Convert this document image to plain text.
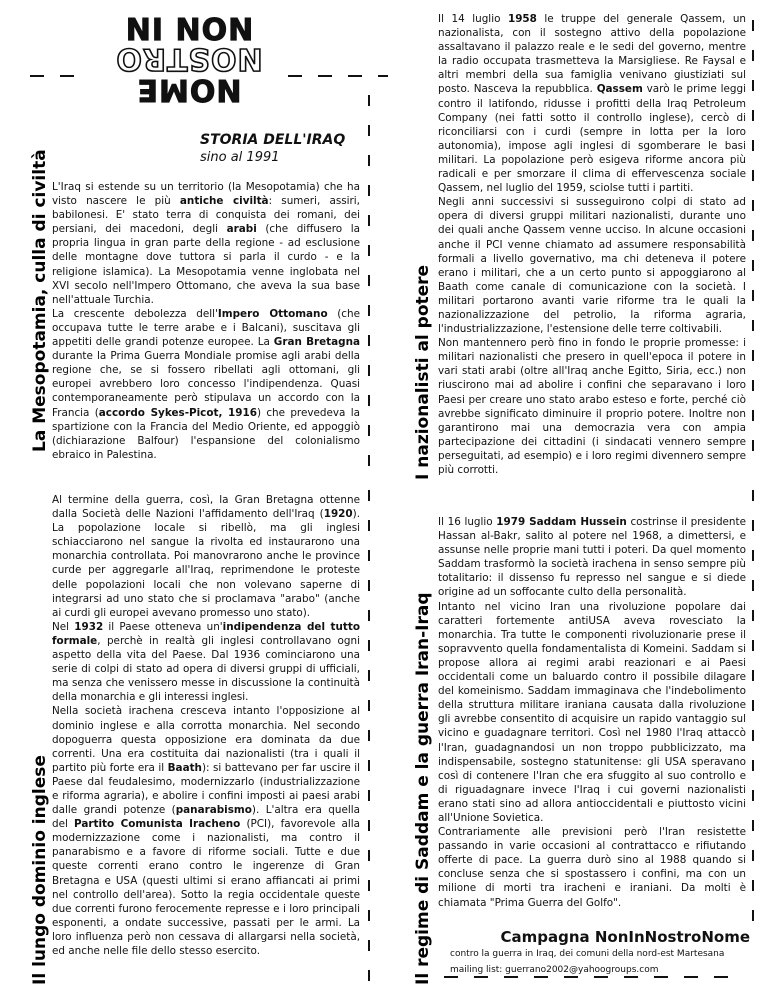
NON IN
NOSTRO
NOME
STORIA DELL'IRAQ
sino al 1991
La Mesopotamia, culla di civiltà
Il lungo dominio inglese
I nazionalisti al potere
Il regime di Saddam e la guerra Iran-Iraq

L'Iraq si estende su un territorio (la Mesopotamia) che ha visto nascere le più antiche civiltà: sumeri, assiri, babilonesi. E' stato terra di conquista dei romani, dei persiani, dei macedoni, degli arabi (che diffusero la propria lingua in gran parte della regione - ad esclusione delle montagne dove tuttora si parla il curdo - e la religione islamica). La Mesopotamia venne inglobata nel XVI secolo nell'Impero Ottomano, che aveva la sua base nell'attuale Turchia.

La crescente debolezza dell'Impero Ottomano (che occupava tutte le terre arabe e i Balcani), suscitava gli appetiti delle grandi potenze europee. La Gran Bretagna durante la Prima Guerra Mondiale promise agli arabi della regione che, se si fossero ribellati agli ottomani, gli europei avrebbero loro concesso l'indipendenza. Quasi contemporaneamente però stipulava un accordo con la Francia (accordo Sykes-Picot, 1916) che prevedeva la spartizione con la Francia del Medio Oriente, ed appoggiò (dichiarazione Balfour) l'espansione del colonialismo ebraico in Palestina.

Al termine della guerra, così, la Gran Bretagna ottenne dalla Società delle Nazioni l'affidamento dell'Iraq (1920). La popolazione locale si ribellò, ma gli inglesi schiacciarono nel sangue la rivolta ed instaurarono una monarchia controllata. Poi manovrarono anche le province curde per aggregarle all'Iraq, reprimendone le proteste delle popolazioni locali che non volevano saperne di integrarsi ad uno stato che si proclamava "arabo" (anche ai curdi gli europei avevano promesso uno stato).

Nel 1932 il Paese otteneva un'indipendenza del tutto formale, perchè in realtà gli inglesi controllavano ogni aspetto della vita del Paese. Dal 1936 cominciarono una serie di colpi di stato ad opera di diversi gruppi di ufficiali, ma senza che venissero messe in discussione la continuità della monarchia e gli interessi inglesi.

Nella società irachena cresceva intanto l'opposizione al dominio inglese e alla corrotta monarchia. Nel secondo dopoguerra questa opposizione era dominata da due correnti. Una era costituita dai nazionalisti (tra i quali il partito più forte era il Baath): si battevano per far uscire il Paese dal feudalesimo, modernizzarlo (industrializzazione e riforma agraria), e abolire i confini imposti ai paesi arabi dalle grandi potenze (panarabismo). L'altra era quella del Partito Comunista Iracheno (PCI), favorevole alla modernizzazione come i nazionalisti, ma contro il panarabismo e a favore di riforme sociali. Tutte e due queste correnti erano contro le ingerenze di Gran Bretagna e USA (questi ultimi si erano affiancati ai primi nel controllo dell'area). Sotto la regia occidentale queste due correnti furono ferocemente represse e i loro principali esponenti, a ondate successive, passati per le armi. La loro influenza però non cessava di allargarsi nella società, ed anche nelle file dello stesso esercito.

Il 14 luglio 1958 le truppe del generale Qassem, un nazionalista, con il sostegno attivo della popolazione assaltavano il palazzo reale e le sedi del governo, mentre la radio occupata trasmetteva la Marsigliese. Re Faysal e altri membri della sua famiglia venivano giustiziati sul posto. Nasceva la repubblica. Qassem varò le prime leggi contro il latifondo, ridusse i profitti della Iraq Petroleum Company (nei fatti sotto il controllo inglese), cercò di riconciliarsi con i curdi (sempre in lotta per la loro autonomia), impose agli inglesi di sgomberare le basi militari. La popolazione però esigeva riforme ancora più radicali e per smorzare il clima di effervescenza sociale Qassem, nel luglio del 1959, sciolse tutti i partiti.

Negli anni successivi si susseguirono colpi di stato ad opera di diversi gruppi militari nazionalisti, durante uno dei quali anche Qassem venne ucciso. In alcune occasioni anche il PCI venne chiamato ad assumere responsabilità formali a livello governativo, ma chi deteneva il potere erano i militari, che a un certo punto si appoggiarono al Baath come canale di comunicazione con la società. I militari portarono avanti varie riforme tra le quali la nazionalizzazione del petrolio, la riforma agraria, l'industrializzazione, l'estensione delle terre coltivabili.

Non mantennero però fino in fondo le proprie promesse: i militari nazionalisti che presero in quell'epoca il potere in vari stati arabi (oltre all'Iraq anche Egitto, Siria, ecc.) non riuscirono mai ad abolire i confini che separavano i loro Paesi per creare uno stato arabo esteso e forte, perché ciò avrebbe significato diminuire il proprio potere. Inoltre non garantirono mai una democrazia vera con ampia partecipazione dei cittadini (i sindacati vennero sempre perseguitati, ad esempio) e i loro regimi divennero sempre più corrotti.

Il 16 luglio 1979 Saddam Hussein costrinse il presidente Hassan al-Bakr, salito al potere nel 1968, a dimettersi, e assunse nelle proprie mani tutti i poteri. Da quel momento Saddam trasformò la società irachena in senso sempre più totalitario: il dissenso fu represso nel sangue e si diede origine ad un soffocante culto della personalità.

Intanto nel vicino Iran una rivoluzione popolare dai caratteri fortemente antiUSA aveva rovesciato la monarchia. Tra tutte le componenti rivoluzionarie prese il sopravvento quella fondamentalista di Komeini. Saddam si propose allora ai regimi arabi reazionari e ai Paesi occidentali come un baluardo contro il possibile dilagare del komeinismo. Saddam immaginava che l'indebolimento della struttura militare iraniana causata dalla rivoluzione gli avrebbe consentito di acquisire un rapido vantaggio sul vicino e guadagnare territori. Così nel 1980 l'Iraq attaccò l'Iran, guadagnandosi un non troppo pubblicizzato, ma indispensabile, sostegno statunitense: gli USA speravano così di contenere l'Iran che era sfuggito al suo controllo e di riguadagnare invece l'Iraq i cui governi nazionalisti erano stati sino ad allora antioccidentali e piuttosto vicini all'Unione Sovietica.

Contrariamente alle previsioni però l'Iran resistette passando in varie occasioni al contrattacco e rifiutando offerte di pace. La guerra durò sino al 1988 quando si concluse senza che si spostassero i confini, ma con un milione di morti tra iracheni e iraniani. Da molti è chiamata "Prima Guerra del Golfo".

Campagna NonInNostroNome
contro la guerra in Iraq, dei comuni della nord-est Martesana
mailing list: guerrano2002@yahoogroups.com
